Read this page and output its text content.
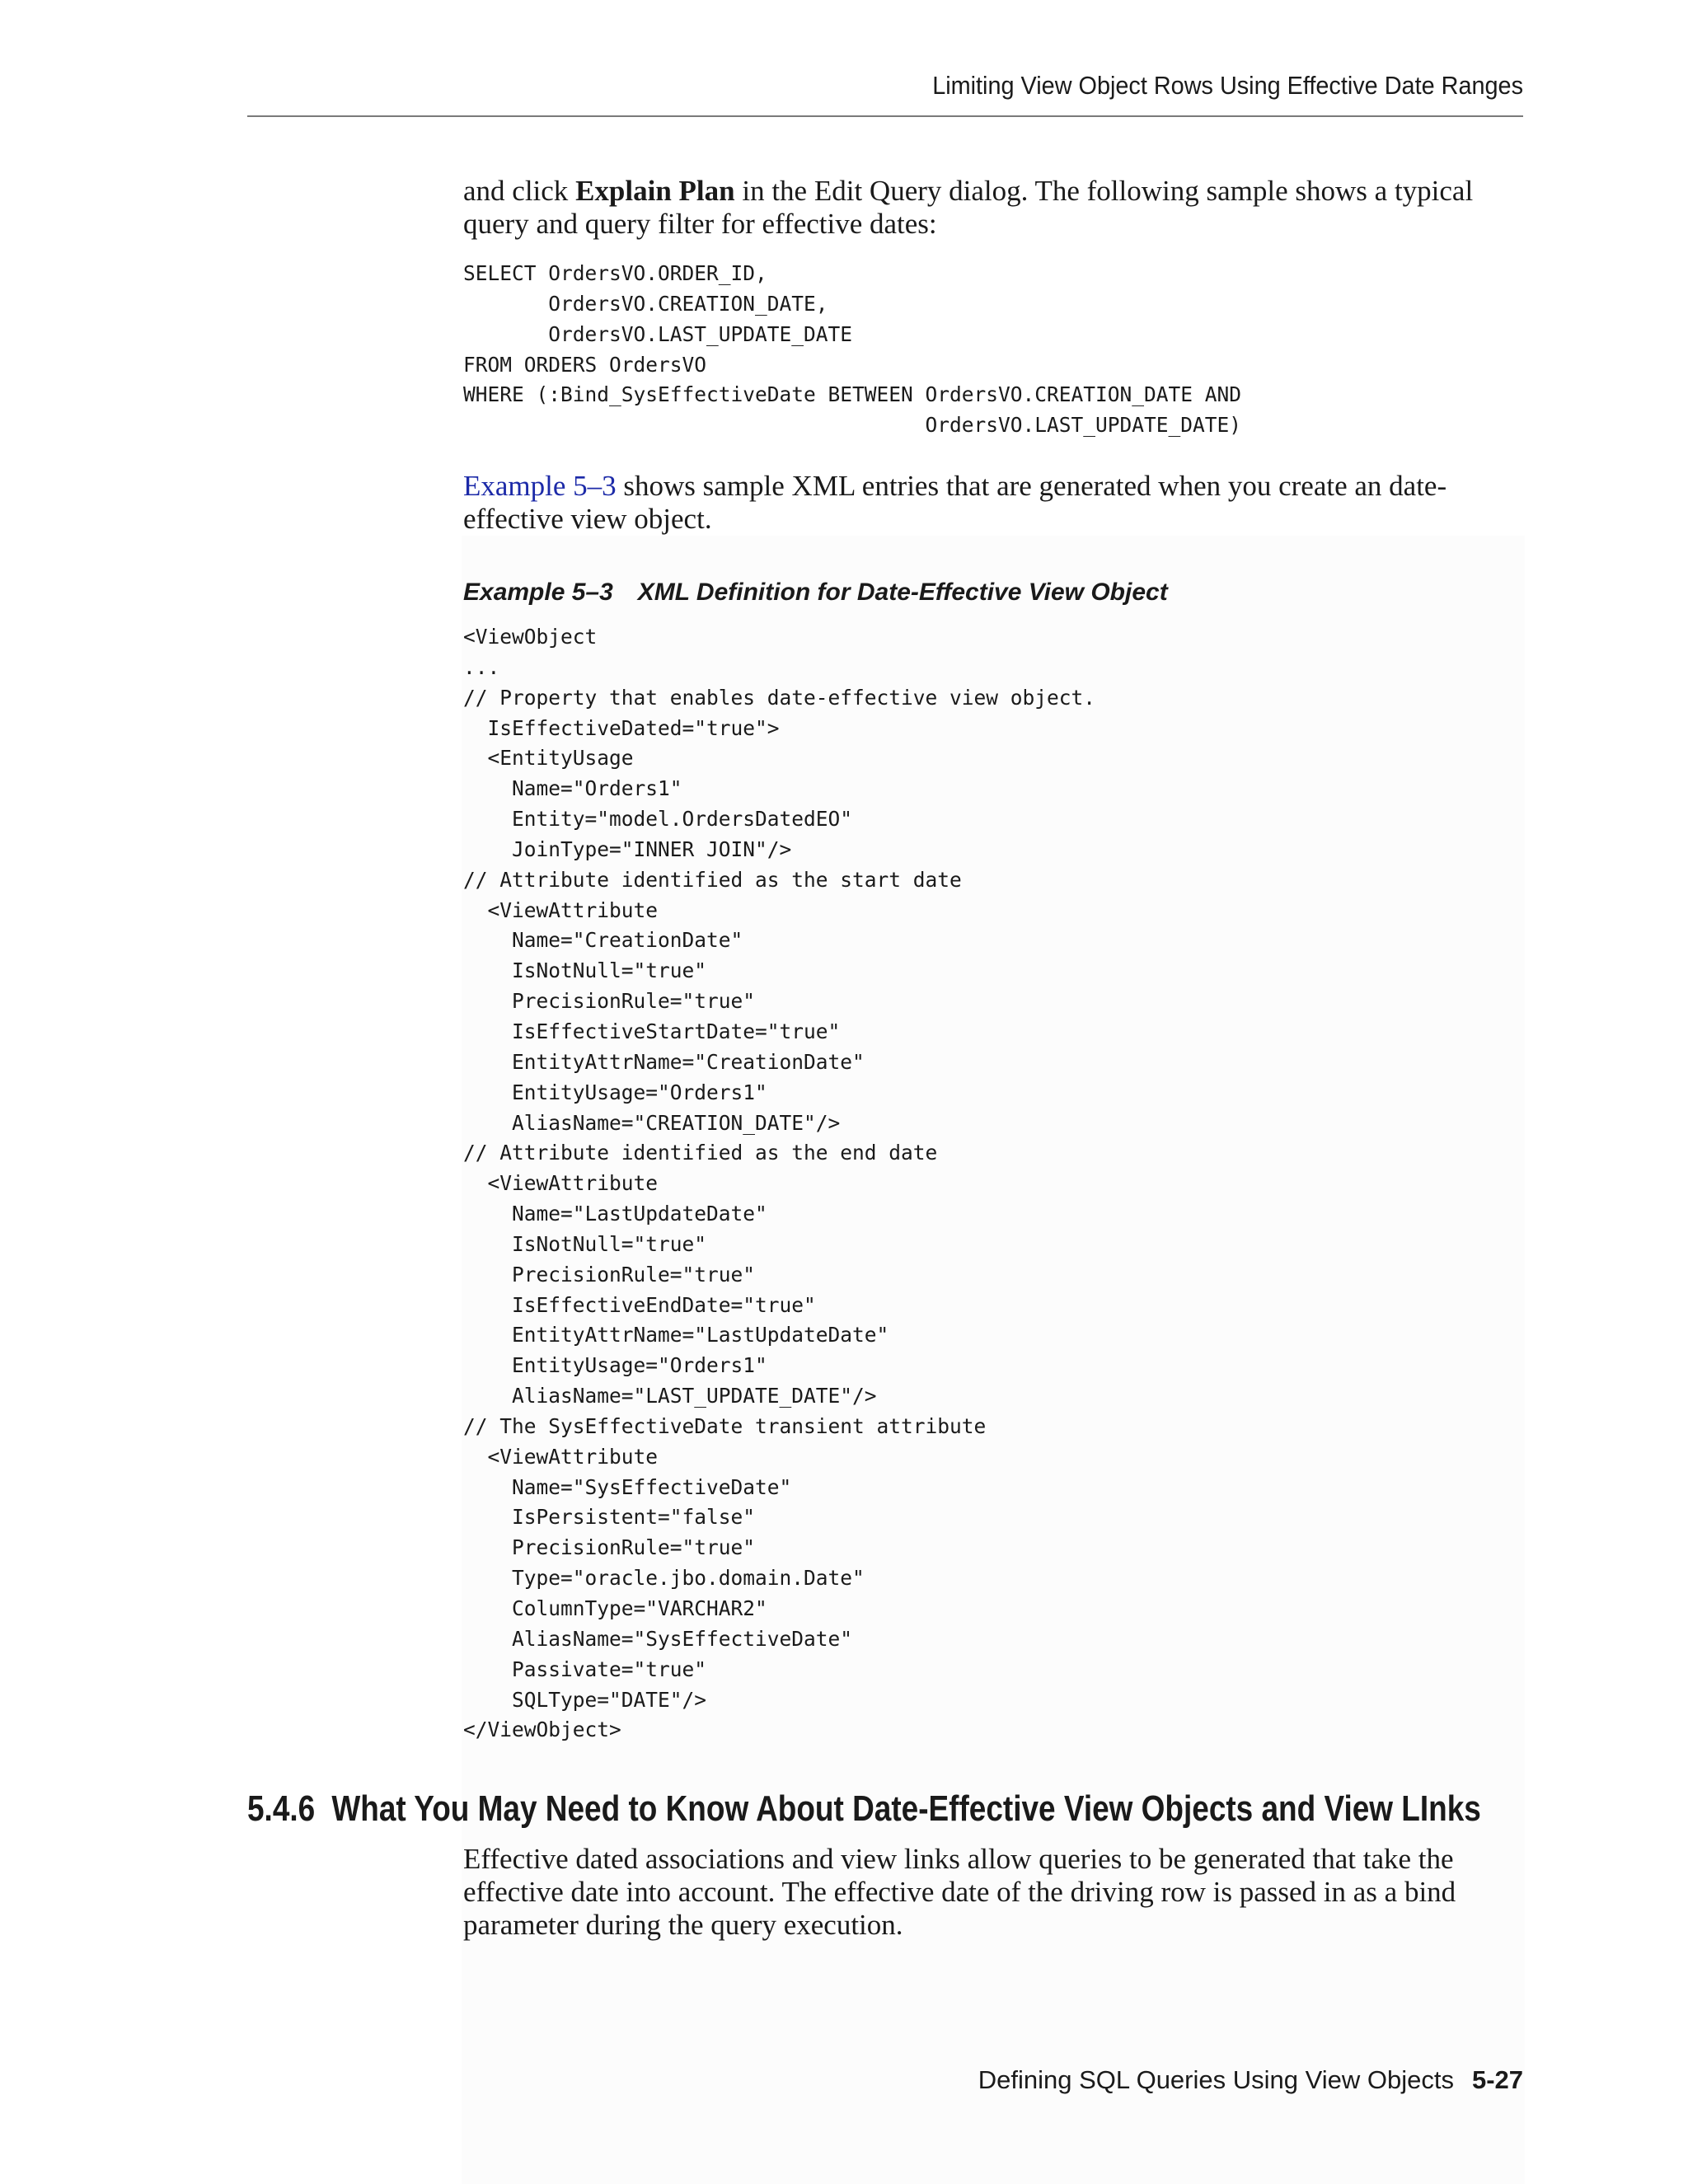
Limiting View Object Rows Using Effective Date Ranges

and click Explain Plan in the Edit Query dialog. The following sample shows a typical query and query filter for effective dates:

SELECT OrdersVO.ORDER_ID,
OrdersVO.CREATION_DATE,
OrdersVO.LAST_UPDATE_DATE
FROM ORDERS OrdersVO
WHERE (:Bind_SysEffectiveDate BETWEEN OrdersVO.CREATION_DATE AND
OrdersVO.LAST_UPDATE_DATE)

Example 5–3 shows sample XML entries that are generated when you create an date-effective view object.

Example 5–3 XML Definition for Date-Effective View Object
<ViewObject
...
// Property that enables date-effective view object.
IsEffectiveDated="true">
<EntityUsage
Name="Orders1"
Entity="model.OrdersDatedEO"
JoinType="INNER JOIN"/>
// Attribute identified as the start date
<ViewAttribute
Name="CreationDate"
IsNotNull="true"
PrecisionRule="true"
IsEffectiveStartDate="true"
EntityAttrName="CreationDate"
EntityUsage="Orders1"
AliasName="CREATION_DATE"/>
// Attribute identified as the end date
<ViewAttribute
Name="LastUpdateDate"
IsNotNull="true"
PrecisionRule="true"
IsEffectiveEndDate="true"
EntityAttrName="LastUpdateDate"
EntityUsage="Orders1"
AliasName="LAST_UPDATE_DATE"/>
// The SysEffectiveDate transient attribute
<ViewAttribute
Name="SysEffectiveDate"
IsPersistent="false"
PrecisionRule="true"
Type="oracle.jbo.domain.Date"
ColumnType="VARCHAR2"
AliasName="SysEffectiveDate"
Passivate="true"
SQLType="DATE"/>
</ViewObject>
5.4.6 What You May Need to Know About Date-Effective View Objects and View LInks

Effective dated associations and view links allow queries to be generated that take the effective date into account. The effective date of the driving row is passed in as a bind parameter during the query execution.

Defining SQL Queries Using View Objects 5-27
